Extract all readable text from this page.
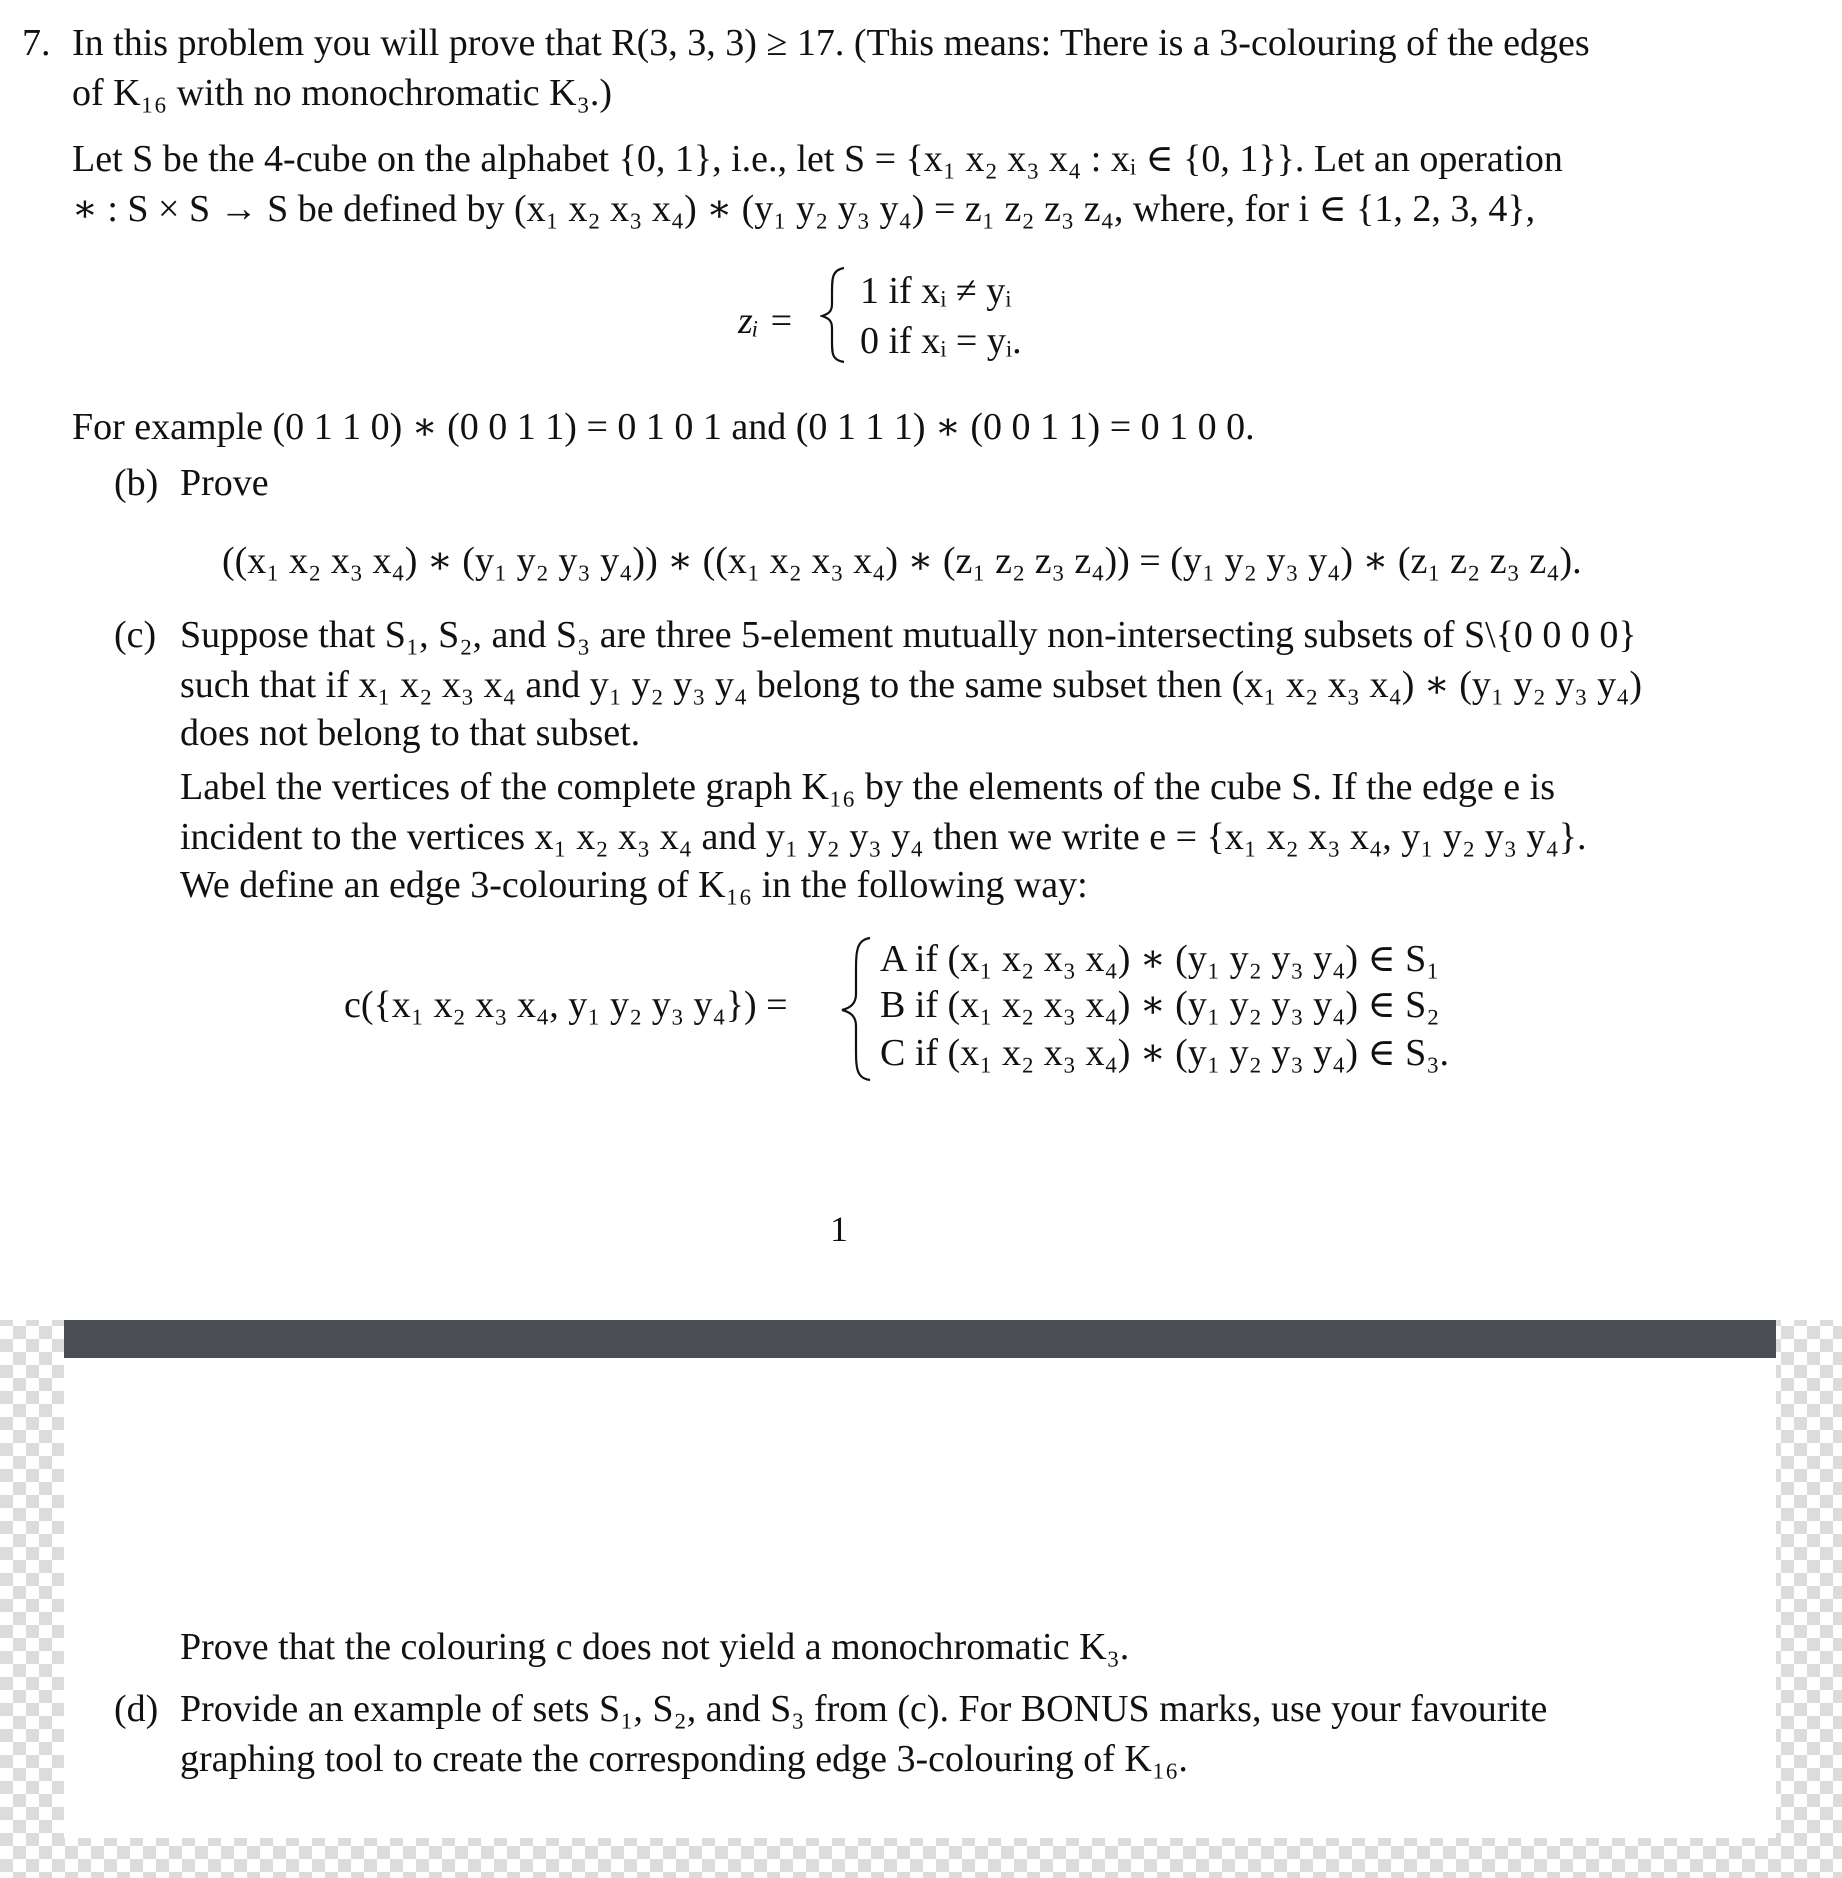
7. In this problem you will prove that R(3, 3, 3) ≥ 17. (This means: There is a 3-colouring of the edges
of K₁₆ with no monochromatic K₃.)
Let S be the 4-cube on the alphabet {0, 1}, i.e., let S = {x₁ x₂ x₃ x₄ : xᵢ ∈ {0, 1}}. Let an operation
∗ : S × S → S be defined by (x₁ x₂ x₃ x₄) ∗ (y₁ y₂ y₃ y₄) = z₁ z₂ z₃ z₄, where, for i ∈ {1, 2, 3, 4},
zᵢ =
1 if xᵢ ≠ yᵢ
0 if xᵢ = yᵢ.
For example (0 1 1 0) ∗ (0 0 1 1) = 0 1 0 1 and (0 1 1 1) ∗ (0 0 1 1) = 0 1 0 0.
(b) Prove
((x₁ x₂ x₃ x₄) ∗ (y₁ y₂ y₃ y₄)) ∗ ((x₁ x₂ x₃ x₄) ∗ (z₁ z₂ z₃ z₄)) = (y₁ y₂ y₃ y₄) ∗ (z₁ z₂ z₃ z₄).
(c) Suppose that S₁, S₂, and S₃ are three 5-element mutually non-intersecting subsets of S\{0 0 0 0}
such that if x₁ x₂ x₃ x₄ and y₁ y₂ y₃ y₄ belong to the same subset then (x₁ x₂ x₃ x₄) ∗ (y₁ y₂ y₃ y₄)
does not belong to that subset.
Label the vertices of the complete graph K₁₆ by the elements of the cube S. If the edge e is
incident to the vertices x₁ x₂ x₃ x₄ and y₁ y₂ y₃ y₄ then we write e = {x₁ x₂ x₃ x₄, y₁ y₂ y₃ y₄}.
We define an edge 3-colouring of K₁₆ in the following way:
c({x₁ x₂ x₃ x₄, y₁ y₂ y₃ y₄}) =
A if (x₁ x₂ x₃ x₄) ∗ (y₁ y₂ y₃ y₄) ∈ S₁
B if (x₁ x₂ x₃ x₄) ∗ (y₁ y₂ y₃ y₄) ∈ S₂
C if (x₁ x₂ x₃ x₄) ∗ (y₁ y₂ y₃ y₄) ∈ S₃.
1
Prove that the colouring c does not yield a monochromatic K₃.
(d) Provide an example of sets S₁, S₂, and S₃ from (c). For BONUS marks, use your favourite
graphing tool to create the corresponding edge 3-colouring of K₁₆.
